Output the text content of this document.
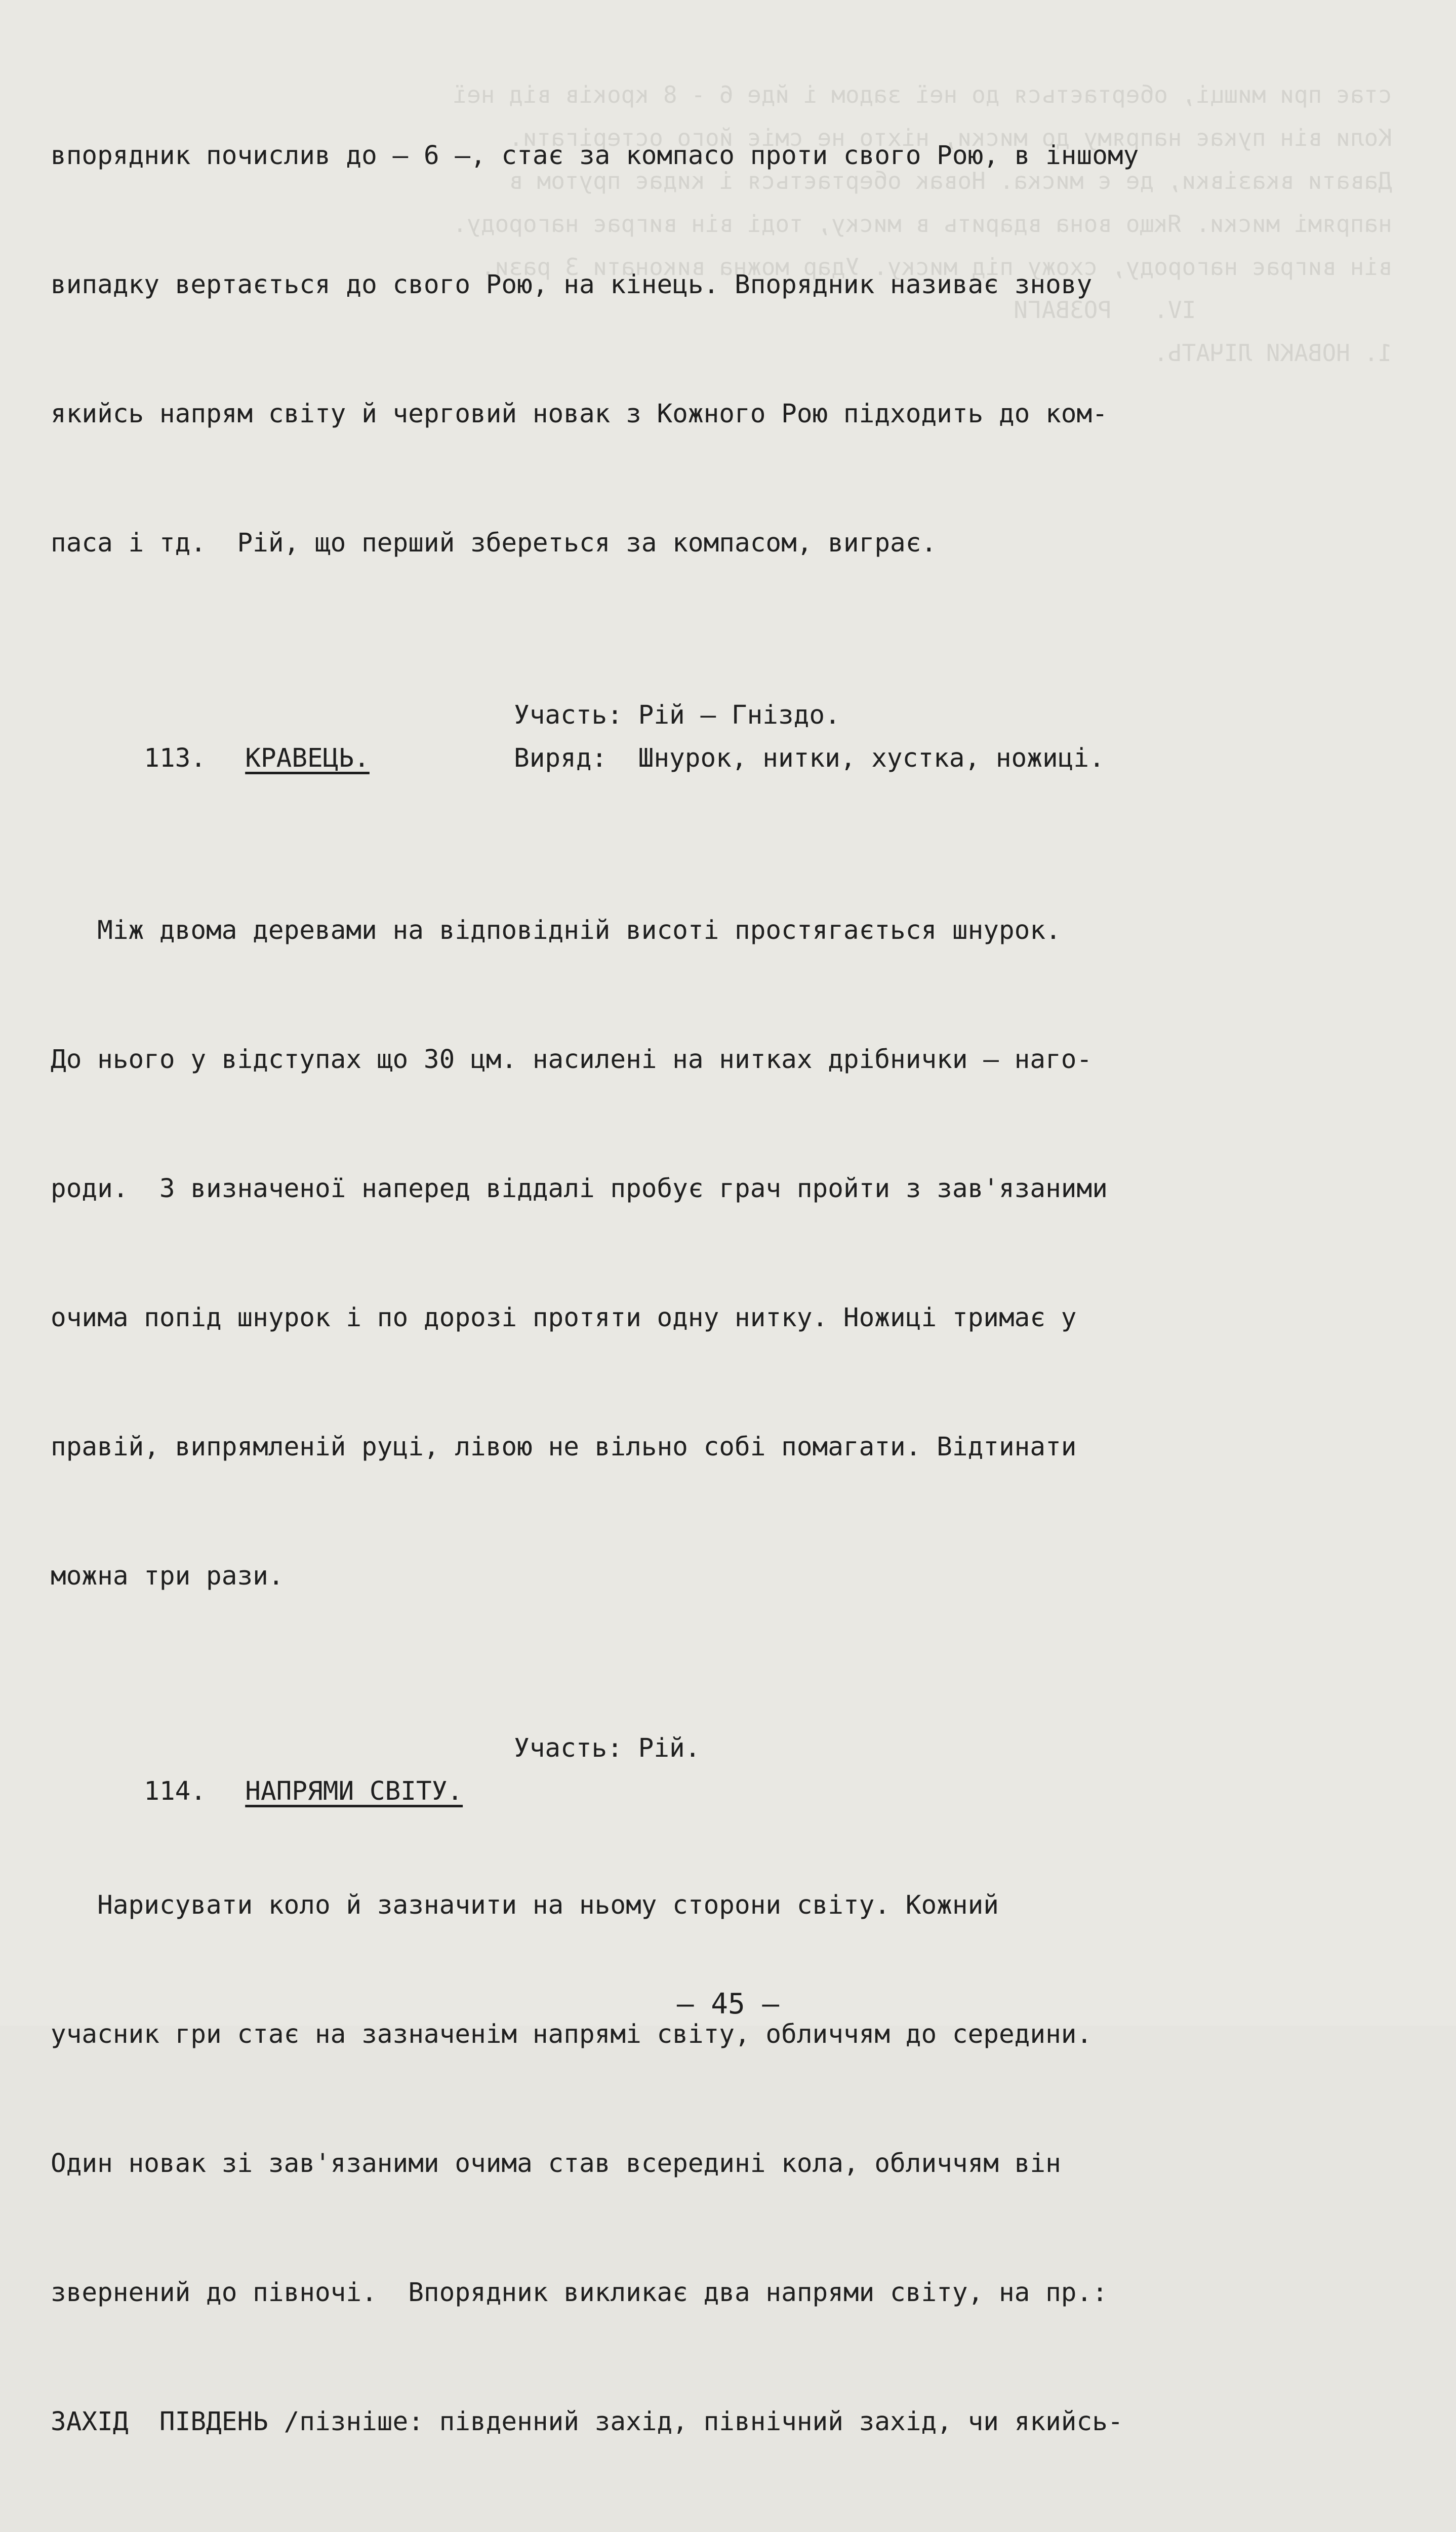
стає при мишці, обертається до неї задом і йде 6 - 8 кроків від неї
Коли він пукає напряму до миски, ніхто не сміє його остерігати.
Давати вказівки, де є миска. Новак обертається і кидає прутом в
напрямі миски. Якщо вона вдарить в миску, тоді він виграє нагороду.
він виграє нагороду, схожу під миску. Удар можна виконати 3 рази.
IV.   РОЗВАГИ
1. НОВАКИ ЛІЧАТЬ.

впорядник почислив до – 6 –, стає за компасо проти свого Рою, в іншому

випадку вертається до свого Рою, на кінець. Впорядник називає знову

якийсь напрям світу й черговий новак з Кожного Рою підходить до ком-

паса і тд.  Рій, що перший збереться за компасом, виграє.

113. КРАВЕЦЬ.

Участь: Рій – Гніздо.

Виряд:  Шнурок, нитки, хустка, ножиці.

Між двома деревами на відповідній висоті простягається шнурок.

До нього у відступах що 30 цм. насилені на нитках дрібнички – наго-

роди.  З визначеної наперед віддалі пробує грач пройти з зав'язаними

очима попід шнурок і по дорозі протяти одну нитку. Ножиці тримає у

правій, випрямленій руці, лівою не вільно собі помагати. Відтинати

можна три рази.

114. НАПРЯМИ СВІТУ.

Участь: Рій.

Нарисувати коло й зазначити на ньому сторони світу. Кожний

учасник гри стає на зазначенім напрямі світу, обличчям до середини.

Один новак зі зав'язаними очима став всередині кола, обличчям він

звернений до півночі.  Впорядник викликає два напрями світу, на пр.:

ЗАХІД  ПІВДЕНЬ /пізніше: південний захід, північний захід, чи якийсь-

– 45 –
